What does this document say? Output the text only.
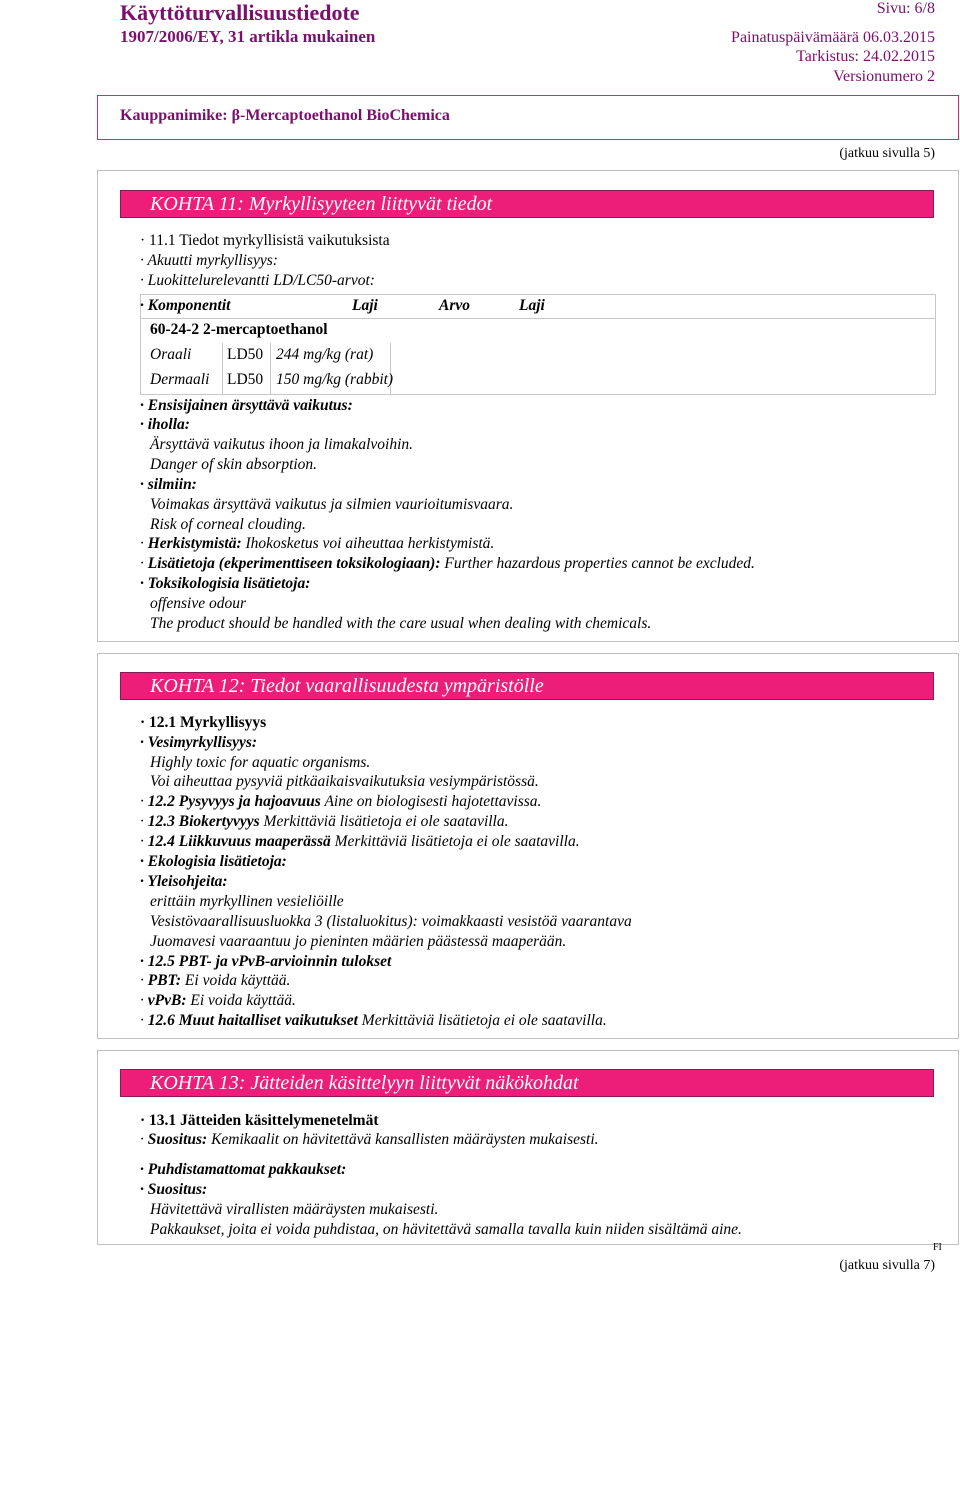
Käyttöturvallisuustiedote
1907/2006/EY, 31 artikla mukainen
Sivu: 6/8
Painatuspäivämäärä 06.03.2015
Tarkistus: 24.02.2015
Versionumero 2
Kauppanimike: β-Mercaptoethanol BioChemica
(jatkuu sivulla 5)
KOHTA 11: Myrkyllisyyteen liittyvät tiedot
· 11.1 Tiedot myrkyllisistä vaikutuksista
· Akuutti myrkyllisyys:
· Luokittelurelevantti LD/LC50-arvot:
· Komponentit	Laji	Arvo	Laji
60-24-2 2-mercaptoethanol
Oraali LD50 244 mg/kg (rat)
Dermaali LD50 150 mg/kg (rabbit)
· Ensisijainen ärsyttävä vaikutus:
· iholla:
Ärsyttävä vaikutus ihoon ja limakalvoihin.
Danger of skin absorption.
· silmiin:
Voimakas ärsyttävä vaikutus ja silmien vaurioitumisvaara.
Risk of corneal clouding.
· Herkistymistä: Ihokosketus voi aiheuttaa herkistymistä.
· Lisätietoja (ekperimenttiseen toksikologiaan): Further hazardous properties cannot be excluded.
· Toksikologisia lisätietoja:
offensive odour
The product should be handled with the care usual when dealing with chemicals.
KOHTA 12: Tiedot vaarallisuudesta ympäristölle
· 12.1 Myrkyllisyys
· Vesimyrkyllisyys:
Highly toxic for aquatic organisms.
Voi aiheuttaa pysyviä pitkäaikaisvaikutuksia vesiympäristössä.
· 12.2 Pysyvyys ja hajoavuus Aine on biologisesti hajotettavissa.
· 12.3 Biokertyvyys Merkittäviä lisätietoja ei ole saatavilla.
· 12.4 Liikkuvuus maaperässä Merkittäviä lisätietoja ei ole saatavilla.
· Ekologisia lisätietoja:
· Yleisohjeita:
erittäin myrkyllinen vesieliöille
Vesistövaarallisuusluokka 3 (listaluokitus): voimakkaasti vesistöä vaarantava
Juomavesi vaaraantuu jo pieninten määrien päästessä maaperään.
· 12.5 PBT- ja vPvB-arvioinnin tulokset
· PBT: Ei voida käyttää.
· vPvB: Ei voida käyttää.
· 12.6 Muut haitalliset vaikutukset Merkittäviä lisätietoja ei ole saatavilla.
KOHTA 13: Jätteiden käsittelyyn liittyvät näkökohdat
· 13.1 Jätteiden käsittelymenetelmät
· Suositus: Kemikaalit on hävitettävä kansallisten määräysten mukaisesti.
· Puhdistamattomat pakkaukset:
· Suositus:
Hävitettävä virallisten määräysten mukaisesti.
Pakkaukset, joita ei voida puhdistaa, on hävitettävä samalla tavalla kuin niiden sisältämä aine.
FI
(jatkuu sivulla 7)
